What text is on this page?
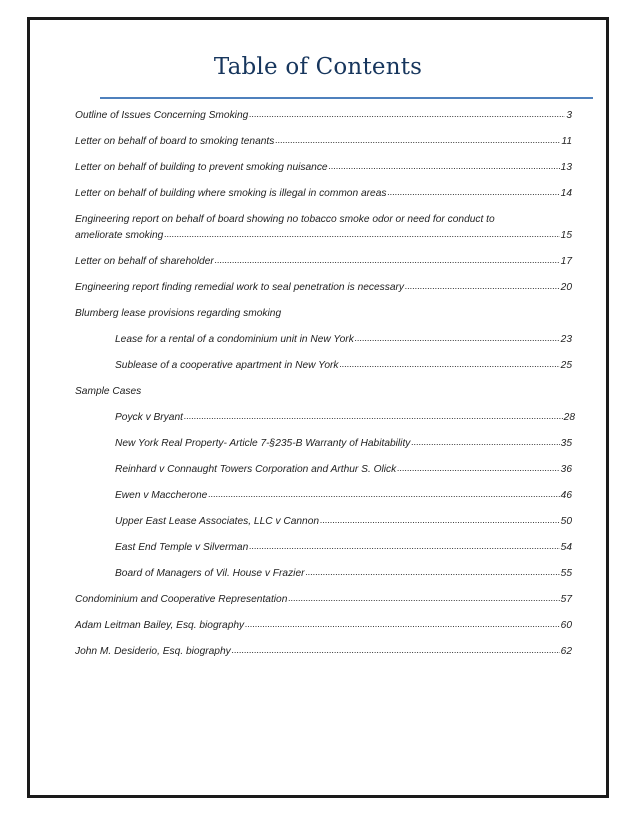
Table of Contents
Outline of Issues Concerning Smoking .....	3
Letter on behalf of board to smoking tenants .....	11
Letter on behalf of building to prevent smoking nuisance .....	13
Letter on behalf of building where smoking is illegal in common areas .....	14
Engineering report on behalf of board showing no tobacco smoke odor or need for conduct to
ameliorate smoking .....	15
Letter on behalf of shareholder .....	17
Engineering report finding remedial work to seal penetration is necessary .....	20
Blumberg lease provisions regarding smoking
Lease for a rental of a condominium unit in New York .....	23
Sublease of a cooperative apartment in New York .....	25
Sample Cases
Poyck v Bryant .....	28
New York Real Property- Article 7-§235-B Warranty of Habitability .....	35
Reinhard v Connaught Towers Corporation and Arthur S. Olick .....	36
Ewen v Maccherone .....	46
Upper East Lease Associates, LLC v Cannon .....	50
East End Temple v Silverman .....	54
Board of Managers of Vil. House v Frazier .....	55
Condominium and Cooperative Representation .....	57
Adam Leitman Bailey, Esq. biography .....	60
John M. Desiderio, Esq. biography .....	62
